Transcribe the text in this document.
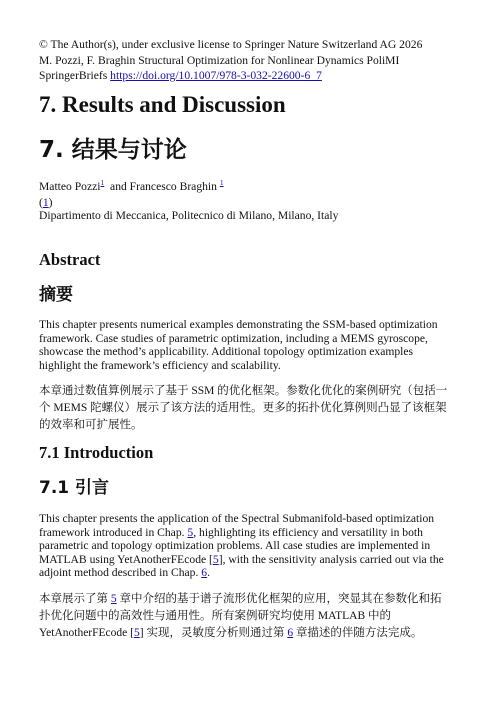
© The Author(s), under exclusive license to Springer Nature Switzerland AG 2026
M. Pozzi, F. Braghin Structural Optimization for Nonlinear Dynamics PoliMI
SpringerBriefs https://doi.org/10.1007/978-3-032-22600-6_7
7. Results and Discussion
7. 结果与讨论
Matteo Pozzi$^1$ and Francesco Braghin $^1$
(1)
Dipartimento di Meccanica, Politecnico di Milano, Milano, Italy
Abstract
摘要
This chapter presents numerical examples demonstrating the SSM-based optimization
framework. Case studies of parametric optimization, including a MEMS gyroscope,
showcase the method’s applicability. Additional topology optimization examples
highlight the framework’s efficiency and scalability.
本章通过数值算例展示了基于 SSM 的优化框架。参数化优化的案例研究（包括一
个 MEMS 陀螺仪）展示了该方法的适用性。更多的拓扑优化算例则凸显了该框架
的效率和可扩展性。
7.1 Introduction
7.1 引言
This chapter presents the application of the Spectral Submanifold-based optimization
framework introduced in Chap. 5, highlighting its efficiency and versatility in both
parametric and topology optimization problems. All case studies are implemented in
MATLAB using YetAnotherFEcode [5], with the sensitivity analysis carried out via the
adjoint method described in Chap. 6.
本章展示了第 5 章中介绍的基于谱子流形优化框架的应用，突显其在参数化和拓
扑优化问题中的高效性与通用性。所有案例研究均使用 MATLAB 中的
YetAnotherFEcode [5] 实现，灵敏度分析则通过第 6 章描述的伴随方法完成。
